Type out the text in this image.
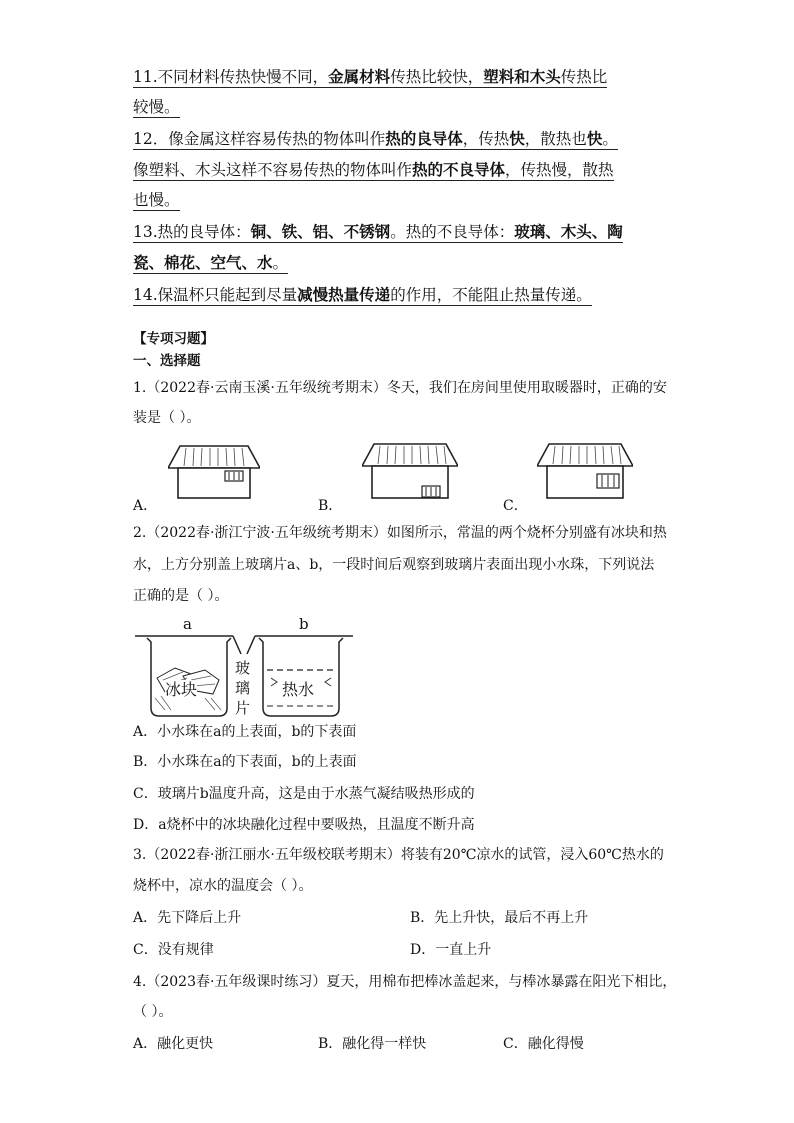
11.不同材料传热快慢不同，金属材料传热比较快，塑料和木头传热比
较慢。
12．像金属这样容易传热的物体叫作热的良导体，传热快，散热也快。
像塑料、木头这样不容易传热的物体叫作热的不良导体，传热慢，散热
也慢。
13.热的良导体：铜、铁、铝、不锈钢。热的不良导体：玻璃、木头、陶
瓷、棉花、空气、水。
14.保温杯只能起到尽量减慢热量传递的作用，不能阻止热量传递。
【专项习题】
一、选择题
1.（2022春·云南玉溪·五年级统考期末）冬天，我们在房间里使用取暖器时，正确的安
装是（ ）。
A．	B．	C．
2.（2022春·浙江宁波·五年级统考期末）如图所示，常温的两个烧杯分别盛有冰块和热
水，上方分别盖上玻璃片a、b，一段时间后观察到玻璃片表面出现小水珠，下列说法
正确的是（ ）。
a	b
冰块	热水
玻
璃
片
A．小水珠在a的上表面，b的下表面
B．小水珠在a的下表面，b的上表面
C．玻璃片b温度升高，这是由于水蒸气凝结吸热形成的
D．a烧杯中的冰块融化过程中要吸热，且温度不断升高
3.（2022春·浙江丽水·五年级校联考期末）将装有20℃凉水的试管，浸入60℃热水的
烧杯中，凉水的温度会（ ）。
A．先下降后上升	B．先上升快，最后不再上升
C．没有规律	D．一直上升
4.（2023春·五年级课时练习）夏天，用棉布把棒冰盖起来，与棒冰暴露在阳光下相比，
（ ）。
A．融化更快	B．融化得一样快	C．融化得慢
